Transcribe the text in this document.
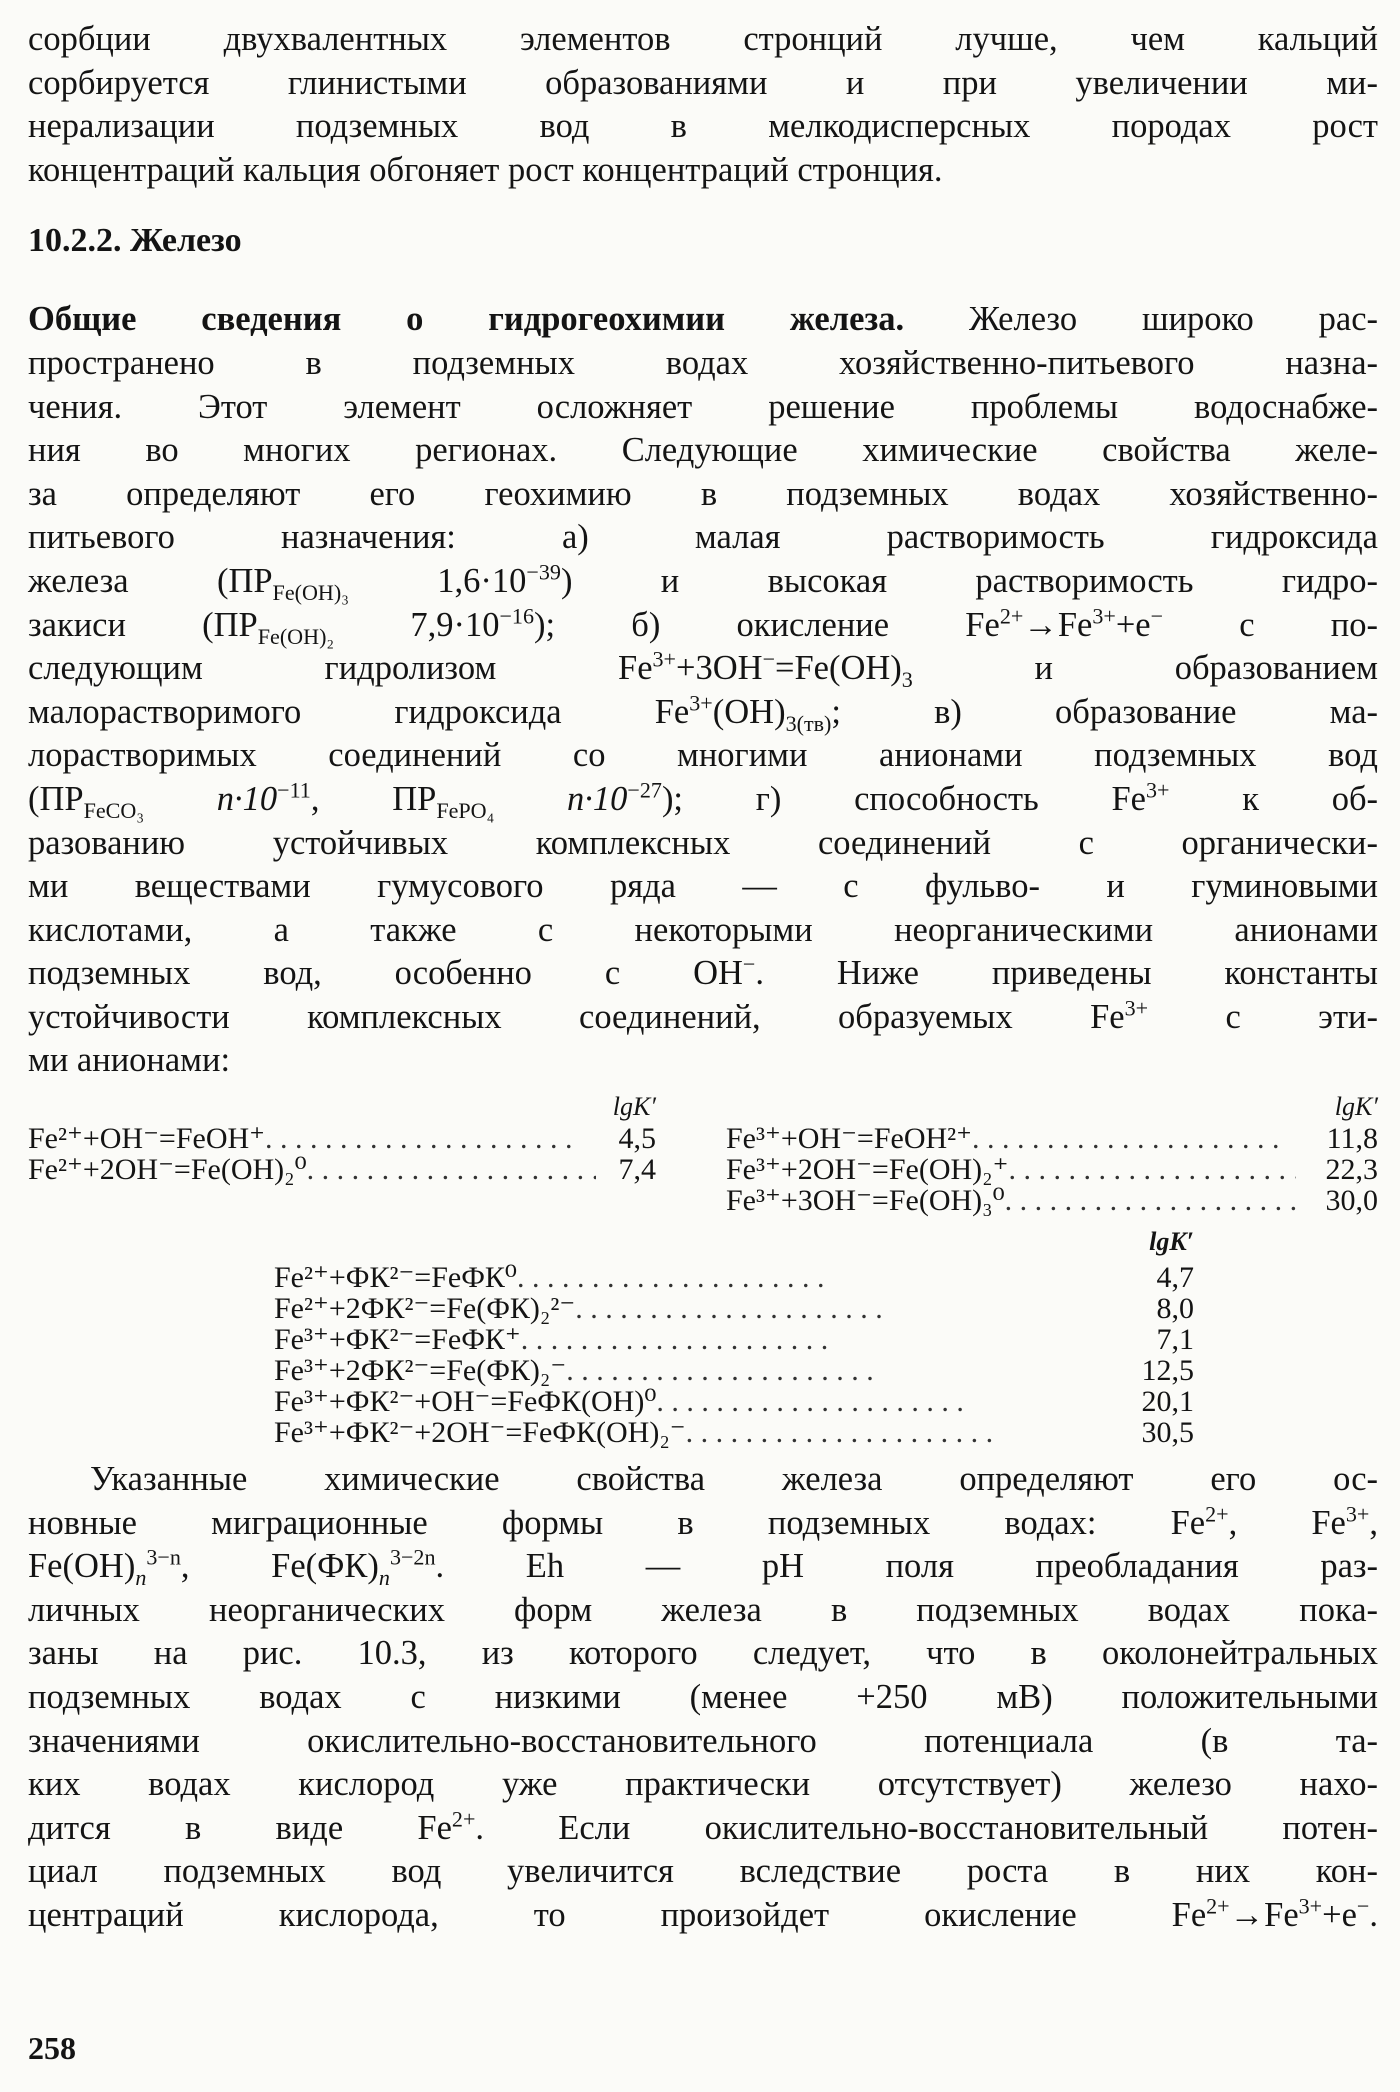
сорбции двухвалентных элементов стронций лучше, чем кальций

сорбируется глинистыми образованиями и при увеличении ми-

нерализации подземных вод в мелкодисперсных породах рост

концентраций кальция обгоняет рост концентраций стронция.

10.2.2. Железо

Общие сведения о гидрогеохимии железа. Железо широко рас-

пространено в подземных водах хозяйственно-питьевого назна-

чения. Этот элемент осложняет решение проблемы водоснабже-

ния во многих регионах. Следующие химические свойства желе-

за определяют его геохимию в подземных водах хозяйственно-

питьевого назначения: а) малая растворимость гидроксида

железа ($ПР_{Fe(OH)_3}$ $1,6\cdot 10^{-39}$) и высокая растворимость гидро-

закиси ($ПР_{Fe(OH)_2}$ $7,9\cdot 10^{-16}$); б) окисление $Fe^{2+}\to Fe^{3+}+e^-$ с по-

следующим гидролизом $Fe^{3+}+3OH^-=Fe(OH)_3$ и образованием

малорастворимого гидроксида $Fe^{3+}(OH)_{3(тв)}$; в) образование ма-

лорастворимых соединений со многими анионами подземных вод

($ПР_{FeCO_3}$ $n\cdot 10^{-11}$, $ПР_{FePO_4}$ $n\cdot 10^{-27}$); г) способность $Fe^{3+}$ к об-

разованию устойчивых комплексных соединений с органически-

ми веществами гумусового ряда — с фульво- и гуминовыми

кислотами, а также с некоторыми неорганическими анионами

подземных вод, особенно с OH−. Ниже приведены константы

устойчивости комплексных соединений, образуемых $Fe^{3+}$ с эти-

ми анионами:

lgK′
Fe²⁺+OH⁻=FeOH⁺ . .	4,5
Fe²⁺+2OH⁻=Fe(OH)₂⁰ . .	7,4
lgK′
Fe³⁺+OH⁻=FeOH²⁺ . .	11,8
Fe³⁺+2OH⁻=Fe(OH)₂⁺ . .	22,3
Fe³⁺+3OH⁻=Fe(OH)₃⁰ . .	30,0
lgK′
Fe²⁺+ФК²⁻=FeФК⁰ . .	4,7
Fe²⁺+2ФК²⁻=Fe(ФК)₂²⁻ . .	8,0
Fe³⁺+ФК²⁻=FeФК⁺ . .	7,1
Fe³⁺+2ФК²⁻=Fe(ФК)₂⁻ . .	12,5
Fe³⁺+ФК²⁻+OH⁻=FeФК(OH)⁰ . .	20,1
Fe³⁺+ФК²⁻+2OH⁻=FeФК(OH)₂⁻ . .	30,5

Указанные химические свойства железа определяют его ос-

новные миграционные формы в подземных водах: $Fe^{2+}$, $Fe^{3+}$,

$Fe(OH)_n^{3-n}$, $Fe(ФК)_n^{3-2n}$. Eh — pH поля преобладания раз-

личных неорганических форм железа в подземных водах пока-

заны на рис. 10.3, из которого следует, что в околонейтральных

подземных водах с низкими (менее +250 мВ) положительными

значениями окислительно-восстановительного потенциала (в та-

ких водах кислород уже практически отсутствует) железо нахо-

дится в виде $Fe^{2+}$. Если окислительно-восстановительный потен-

циал подземных вод увеличится вследствие роста в них кон-

центраций кислорода, то произойдет окисление $Fe^{2+}\to Fe^{3+}+e^-$.

258
